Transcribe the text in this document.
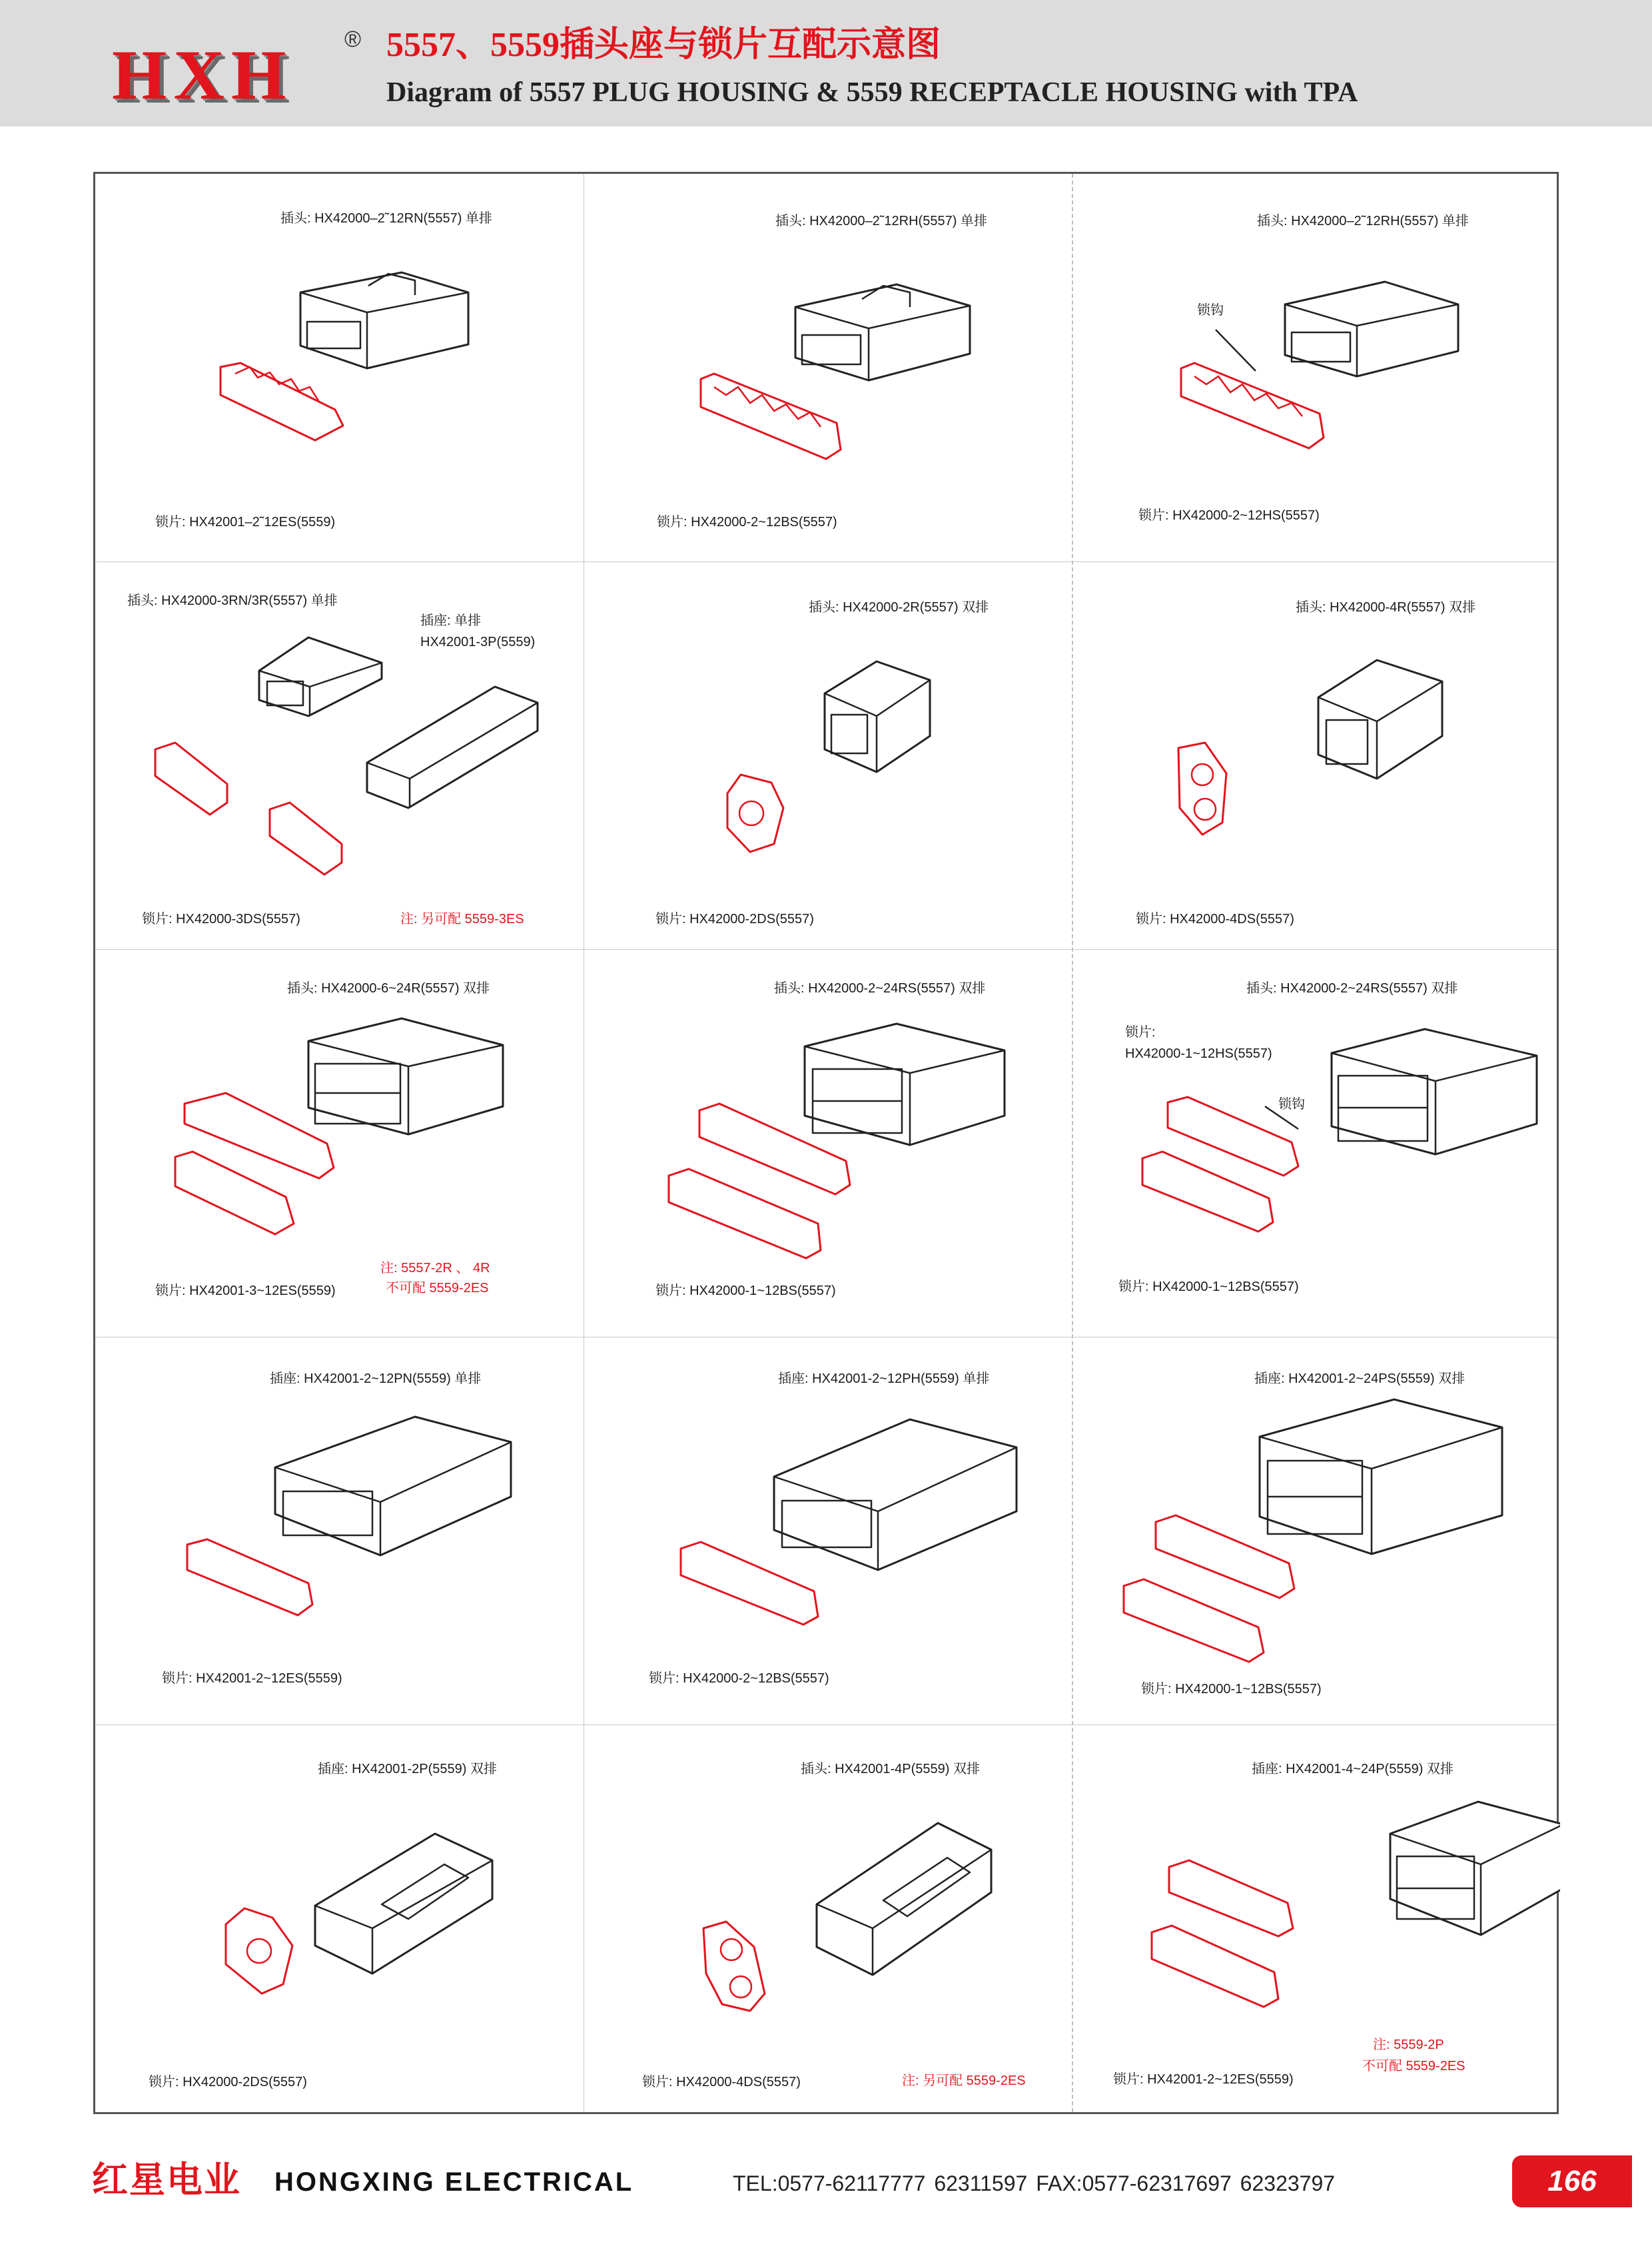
HXH ® 5557、5559插头座与锁片互配示意图
Diagram of 5557 PLUG HOUSING & 5559 RECEPTACLE HOUSING with TPA
插头: HX42000–2˜12RN(5557) 单排
锁片: HX42001–2˜12ES(5559)
插头: HX42000–2˜12RH(5557) 单排
锁片: HX42000-2~12BS(5557)
插头: HX42000–2˜12RH(5557) 单排
锁钩
锁片: HX42000-2~12HS(5557)
插头: HX42000-3RN/3R(5557) 单排
插座: 单排
HX42001-3P(5559)
锁片: HX42000-3DS(5557)	注: 另可配 5559-3ES
插头: HX42000-2R(5557) 双排
锁片: HX42000-2DS(5557)
插头: HX42000-4R(5557) 双排
锁片: HX42000-4DS(5557)
插头: HX42000-6~24R(5557) 双排
注: 5557-2R 、 4R
不可配 5559-2ES
锁片: HX42001-3~12ES(5559)
插头: HX42000-2~24RS(5557) 双排
锁片: HX42000-1~12BS(5557)
插头: HX42000-2~24RS(5557) 双排
锁片:
HX42000-1~12HS(5557)
锁钩
锁片: HX42000-1~12BS(5557)
插座: HX42001-2~12PN(5559) 单排
锁片: HX42001-2~12ES(5559)
插座: HX42001-2~12PH(5559) 单排
锁片: HX42000-2~12BS(5557)
插座: HX42001-2~24PS(5559) 双排
锁片: HX42000-1~12BS(5557)
插座: HX42001-2P(5559) 双排
锁片: HX42000-2DS(5557)
插头: HX42001-4P(5559) 双排
锁片: HX42000-4DS(5557)	注: 另可配 5559-2ES
插座: HX42001-4~24P(5559) 双排
注: 5559-2P
不可配 5559-2ES
锁片: HX42001-2~12ES(5559)
红星电业 HONGXING ELECTRICAL	TEL:0577-62117777 62311597 FAX:0577-62317697 62323797	166
